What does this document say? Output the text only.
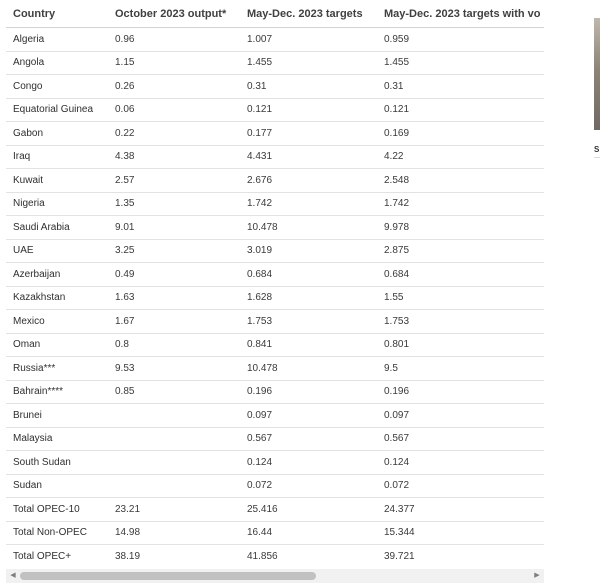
Country	October 2023 output*	May-Dec. 2023 targets	May-Dec. 2023 targets with vo
Algeria	0.96	1.007	0.959
Angola	1.15	1.455	1.455
Congo	0.26	0.31	0.31
Equatorial Guinea	0.06	0.121	0.121
Gabon	0.22	0.177	0.169
Iraq	4.38	4.431	4.22
Kuwait	2.57	2.676	2.548
Nigeria	1.35	1.742	1.742
Saudi Arabia	9.01	10.478	9.978
UAE	3.25	3.019	2.875
Azerbaijan	0.49	0.684	0.684
Kazakhstan	1.63	1.628	1.55
Mexico	1.67	1.753	1.753
Oman	0.8	0.841	0.801
Russia***	9.53	10.478	9.5
Bahrain****	0.85	0.196	0.196
Brunei		0.097	0.097
Malaysia		0.567	0.567
South Sudan		0.124	0.124
Sudan		0.072	0.072
Total OPEC-10	23.21	25.416	24.377
Total Non-OPEC	14.98	16.44	15.344
Total OPEC+	38.19	41.856	39.721
◀	▶
S
